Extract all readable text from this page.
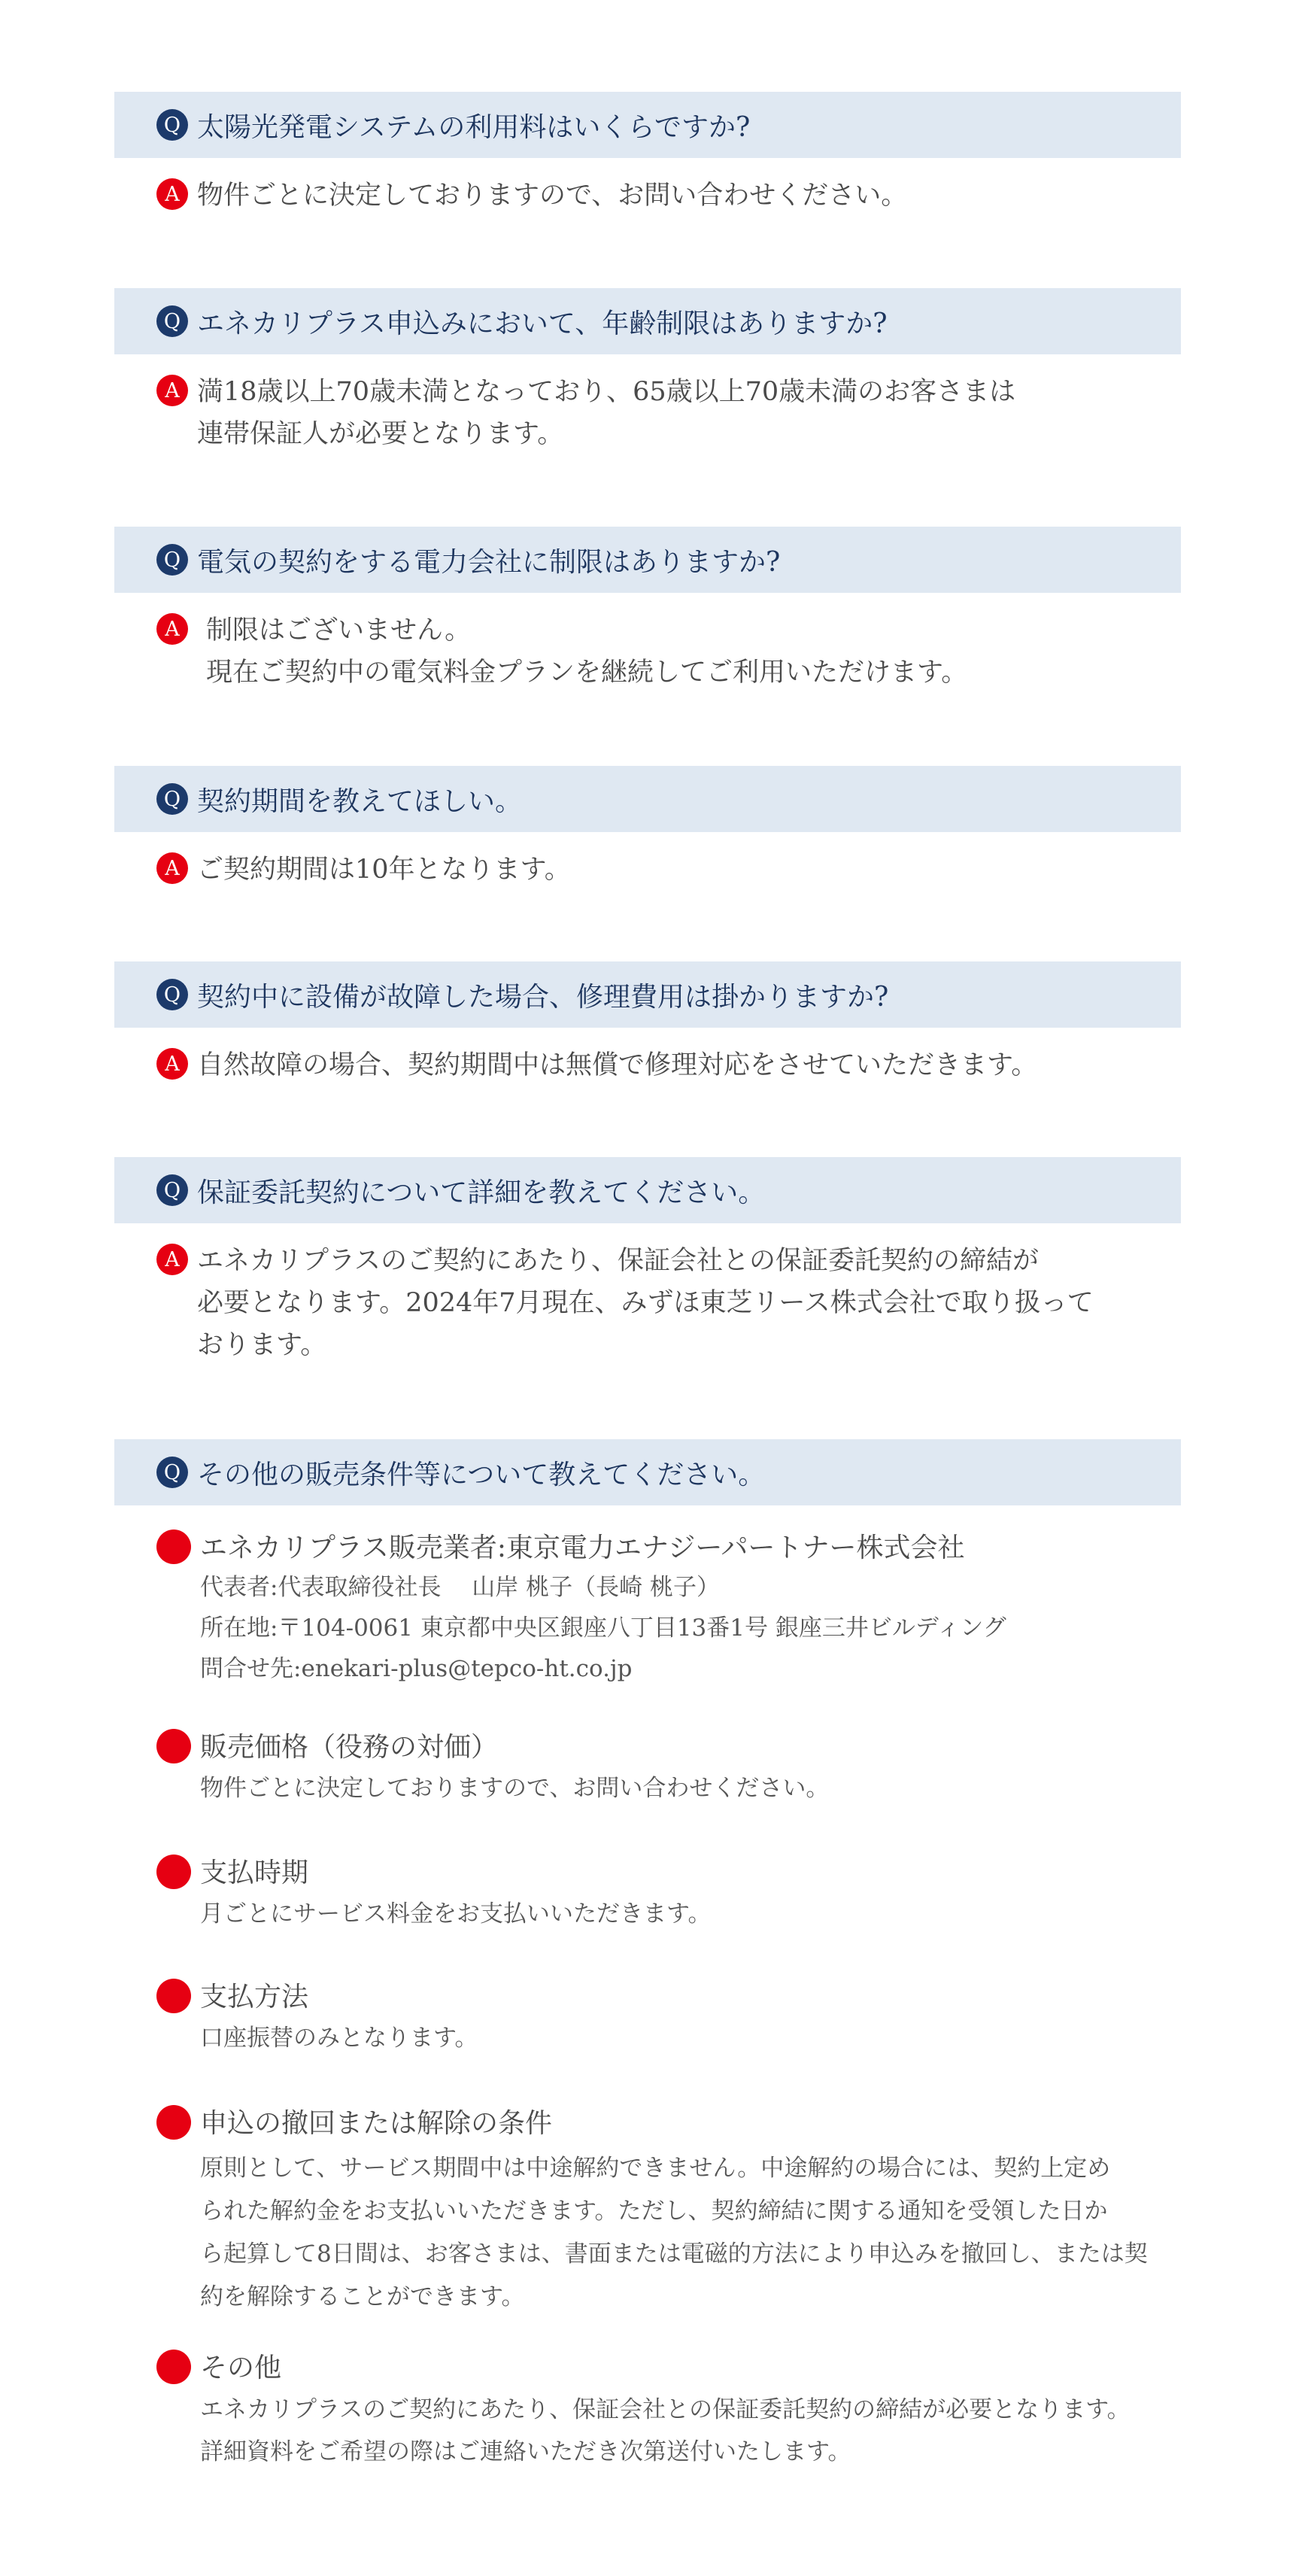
Q 太陽光発電システムの利用料はいくらですか?
A 物件ごとに決定しておりますので、お問い合わせください。
Q エネカリプラス申込みにおいて、年齢制限はありますか?
A 満18歳以上70歳未満となっており、65歳以上70歳未満のお客さまは
連帯保証人が必要となります。
Q 電気の契約をする電力会社に制限はありますか?
A	制限はございません。
現在ご契約中の電気料金プランを継続してご利用いただけます。
Q 契約期間を教えてほしい。
A ご契約期間は10年となります。
Q 契約中に設備が故障した場合、修理費用は掛かりますか?
A 自然故障の場合、契約期間中は無償で修理対応をさせていただきます。
Q 保証委託契約について詳細を教えてください。
A エネカリプラスのご契約にあたり、保証会社との保証委託契約の締結が
必要となります。2024年7月現在、みずほ東芝リース株式会社で取り扱って
おります。
Q その他の販売条件等について教えてください。
エネカリプラス販売業者:東京電力エナジーパートナー株式会社
代表者:代表取締役社長　 山岸 桃子（長崎 桃子）
所在地:〒104-0061 東京都中央区銀座八丁目13番1号 銀座三井ビルディング
問合せ先:enekari-plus@tepco-ht.co.jp
販売価格（役務の対価）
物件ごとに決定しておりますので、お問い合わせください。
支払時期
月ごとにサービス料金をお支払いいただきます。
支払方法
口座振替のみとなります。
申込の撤回または解除の条件
原則として、サービス期間中は中途解約できません。中途解約の場合には、契約上定め
られた解約金をお支払いいただきます。ただし、契約締結に関する通知を受領した日か
ら起算して8日間は、お客さまは、書面または電磁的方法により申込みを撤回し、または契
約を解除することができます。
その他
エネカリプラスのご契約にあたり、保証会社との保証委託契約の締結が必要となります。
詳細資料をご希望の際はご連絡いただき次第送付いたします。
